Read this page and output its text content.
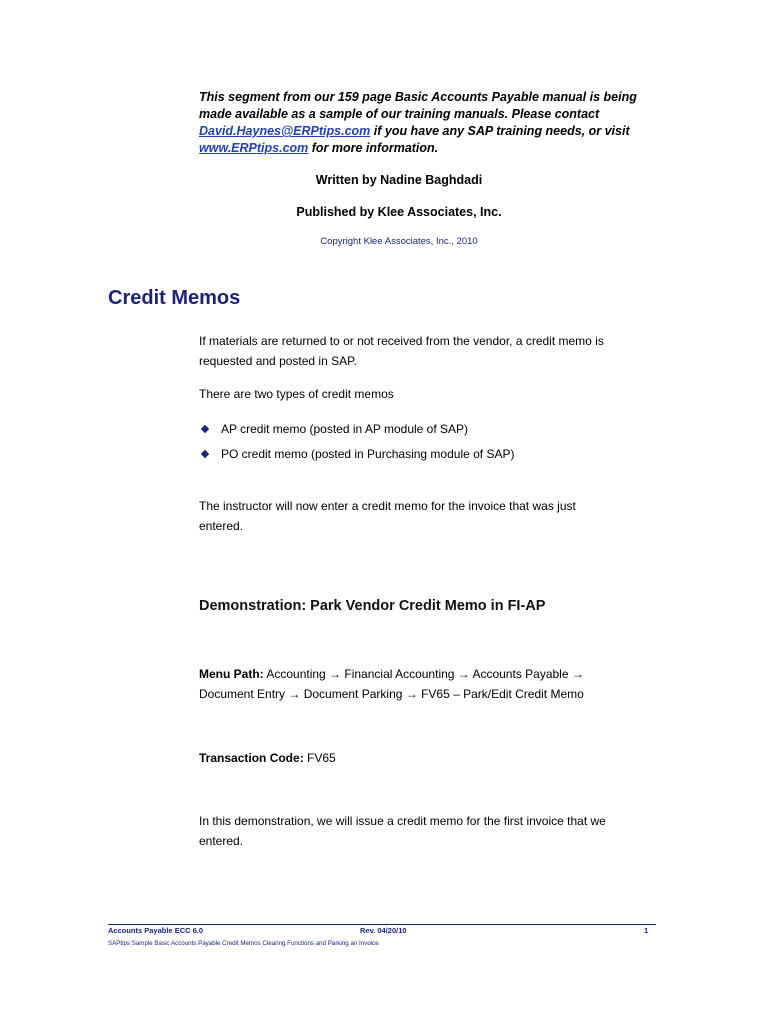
This segment from our 159 page Basic Accounts Payable manual is being
made available as a sample of our training manuals. Please contact
David.Haynes@ERPtips.com if you have any SAP training needs, or visit
www.ERPtips.com for more information.
Written by Nadine Baghdadi
Published by Klee Associates, Inc.
Copyright Klee Associates, Inc., 2010
Credit Memos
If materials are returned to or not received from the vendor, a credit memo is
requested and posted in SAP.
There are two types of credit memos
AP credit memo (posted in AP module of SAP)
PO credit memo (posted in Purchasing module of SAP)
The instructor will now enter a credit memo for the invoice that was just
entered.
Demonstration: Park Vendor Credit Memo in FI-AP
Menu Path: Accounting → Financial Accounting → Accounts Payable →
Document Entry → Document Parking → FV65 – Park/Edit Credit Memo
Transaction Code: FV65
In this demonstration, we will issue a credit memo for the first invoice that we
entered.
Accounts Payable ECC 6.0	Rev. 04/20/10	1
SAPtips Sample Basic Accounts Payable Credit Memos Clearing Functions and Parking an Invoice
